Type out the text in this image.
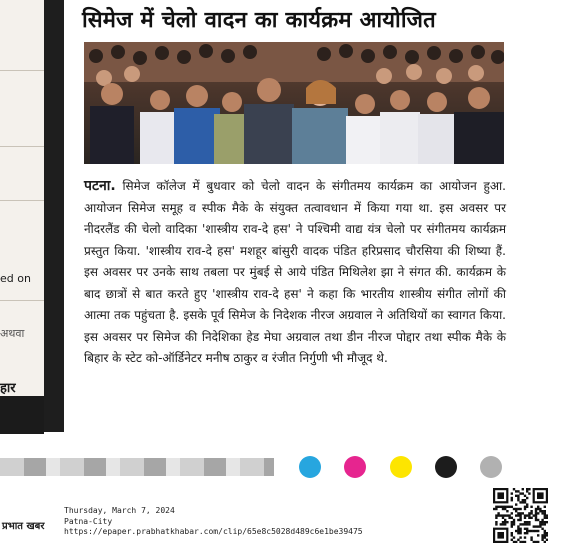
ed on
अथवा
हार
सिमेज में चेलो वादन का कार्यक्रम आयोजित
पटना. सिमेज कॉलेज में बुधवार को चेलो वादन के संगीतमय कार्यक्रम का आयोजन हुआ. आयोजन सिमेज समूह व स्पीक मैके के संयुक्त तत्वावधान में किया गया था. इस अवसर पर नीदरलैंड की चेलो वादिका 'शास्त्रीय राव-दे हस' ने पश्चिमी वाद्य यंत्र चेलो पर संगीतमय कार्यक्रम प्रस्तुत किया. 'शास्त्रीय राव-दे हस' मशहूर बांसुरी वादक पंडित हरिप्रसाद चौरसिया की शिष्या हैं. इस अवसर पर उनके साथ तबला पर मुंबई से आये पंडित मिथिलेश झा ने संगत की. कार्यक्रम के बाद छात्रों से बात करते हुए 'शास्त्रीय राव-दे हस' ने कहा कि भारतीय शास्त्रीय संगीत लोगों की आत्मा तक पहुंचता है. इसके पूर्व सिमेज के निदेशक नीरज अग्रवाल ने अतिथियों का स्वागत किया. इस अवसर पर सिमेज की निदेशिका हेड मेघा अग्रवाल तथा डीन नीरज पोद्दार तथा स्पीक मैके के बिहार के स्टेट को-ऑर्डिनेटर मनीष ठाकुर व रंजीत निर्गुणी भी मौजूद थे.
प्रभात खबर
Thursday, March 7, 2024
Patna-City
https://epaper.prabhatkhabar.com/clip/65e8c5028d489c6e1be39475
